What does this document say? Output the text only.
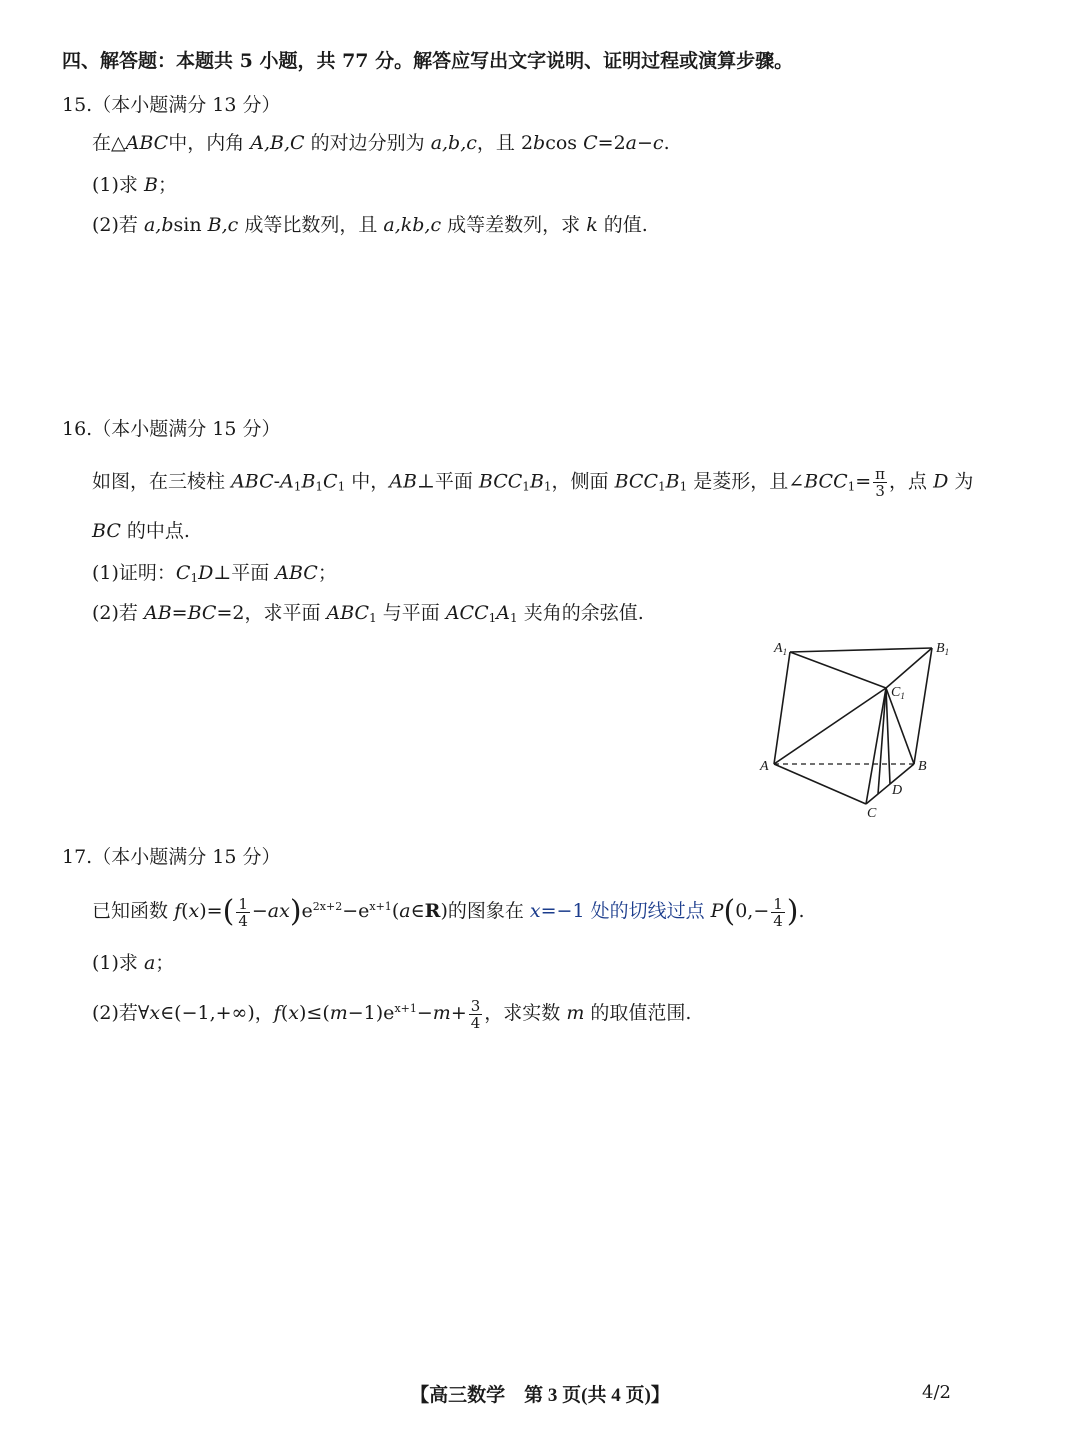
四、解答题：本题共 5 小题，共 77 分。解答应写出文字说明、证明过程或演算步骤。
15.（本小题满分 13 分）
在△ABC中，内角 A,B,C 的对边分别为 a,b,c，且 2bcos C=2a−c.
(1)求 B；
(2)若 a,bsin B,c 成等比数列，且 a,kb,c 成等差数列，求 k 的值.
16.（本小题满分 15 分）
如图，在三棱柱 ABC-$A_1B_1C_1$ 中，AB⊥平面 $BCC_1B_1$，侧面 $BCC_1B_1$ 是菱形，且$\angle BCC_1= \frac{\pi}{3}$ ，点 D 为
BC 的中点.
(1)证明：$C_1D\perp$平面 ABC；
(2)若 AB=BC=2，求平面 $ABC_1$ 与平面 $ACC_1A_1$ 夹角的余弦值.
$A_1$	$B_1$
$C_1$
A	B
C
D
17.（本小题满分 15 分）
已知函数 $f(x)=( \frac{1}{4}$ $-ax)e^{2x+2}-e^{x+1}(a\in R)$的图象在 x=−1 处的切线过点 $P(0,- \frac{1}{4}$ ).
(1)求 a；
(2)若∀x∈(−1,+∞)，$f(x)\le(m-1)e^{x+1}-m+ \frac{3}{4}$ ，求实数 m 的取值范围.
【高三数学　第 3 页(共 4 页)】	4/2
